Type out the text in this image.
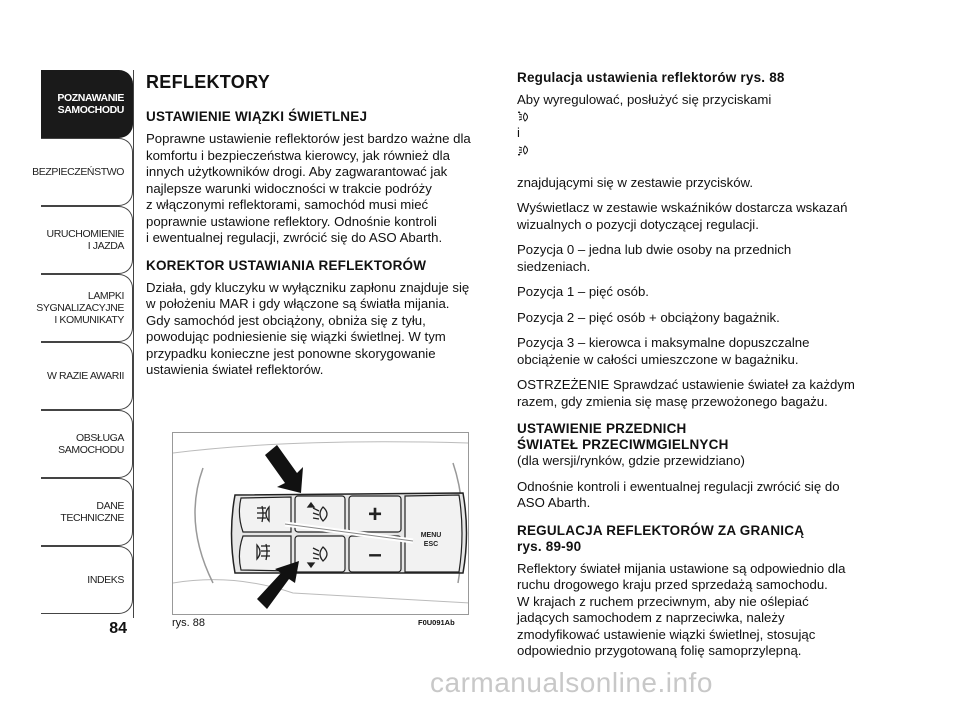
POZNAWANIE
SAMOCHODU
BEZPIECZEŃSTWO
URUCHOMIENIE
I JAZDA
LAMPKI
SYGNALIZACYJNE
I KOMUNIKATY
W RAZIE AWARII
OBSŁUGA
SAMOCHODU
DANE
TECHNICZNE
INDEKS
84
REFLEKTORY
USTAWIENIE WIĄZKI ŚWIETLNEJ
Poprawne ustawienie reflektorów jest bardzo ważne dla
komfortu i bezpieczeństwa kierowcy, jak również dla
innych użytkowników drogi. Aby zagwarantować jak
najlepsze warunki widoczności w trakcie podróży
z włączonymi reflektorami, samochód musi mieć
poprawnie ustawione reflektory. Odnośnie kontroli
i ewentualnej regulacji, zwrócić się do ASO Abarth.
KOREKTOR USTAWIANIA REFLEKTORÓW
Działa, gdy kluczyku w wyłączniku zapłonu znajduje się
w położeniu MAR i gdy włączone są światła mijania.
Gdy samochód jest obciążony, obniża się z tyłu,
powodując podniesienie się wiązki świetlnej. W tym
przypadku konieczne jest ponowne skorygowanie
ustawienia świateł reflektorów.
+
–
MENU
ESC
rys. 88	F0U091Ab
Regulacja ustawienia reflektorów rys. 88
Aby wyregulować, posłużyć się przyciskami

i

znajdującymi się w zestawie przycisków.
Wyświetlacz w zestawie wskaźników dostarcza wskazań
wizualnych o pozycji dotyczącej regulacji.
Pozycja 0 – jedna lub dwie osoby na przednich
siedzeniach.
Pozycja 1 – pięć osób.
Pozycja 2 – pięć osób + obciążony bagażnik.
Pozycja 3 – kierowca i maksymalne dopuszczalne
obciążenie w całości umieszczone w bagażniku.
OSTRZEŻENIE Sprawdzać ustawienie świateł za każdym
razem, gdy zmienia się masę przewożonego bagażu.
USTAWIENIE PRZEDNICH
ŚWIATEŁ PRZECIWMGIELNYCH
(dla wersji/rynków, gdzie przewidziano)
Odnośnie kontroli i ewentualnej regulacji zwrócić się do
ASO Abarth.
REGULACJA REFLEKTORÓW ZA GRANICĄ
rys. 89-90
Reflektory świateł mijania ustawione są odpowiednio dla
ruchu drogowego kraju przed sprzedażą samochodu.
W krajach z ruchem przeciwnym, aby nie oślepiać
jadących samochodem z naprzeciwka, należy
zmodyfikować ustawienie wiązki świetlnej, stosując
odpowiednio przygotowaną folię samoprzylepną.
carmanualsonline.info
